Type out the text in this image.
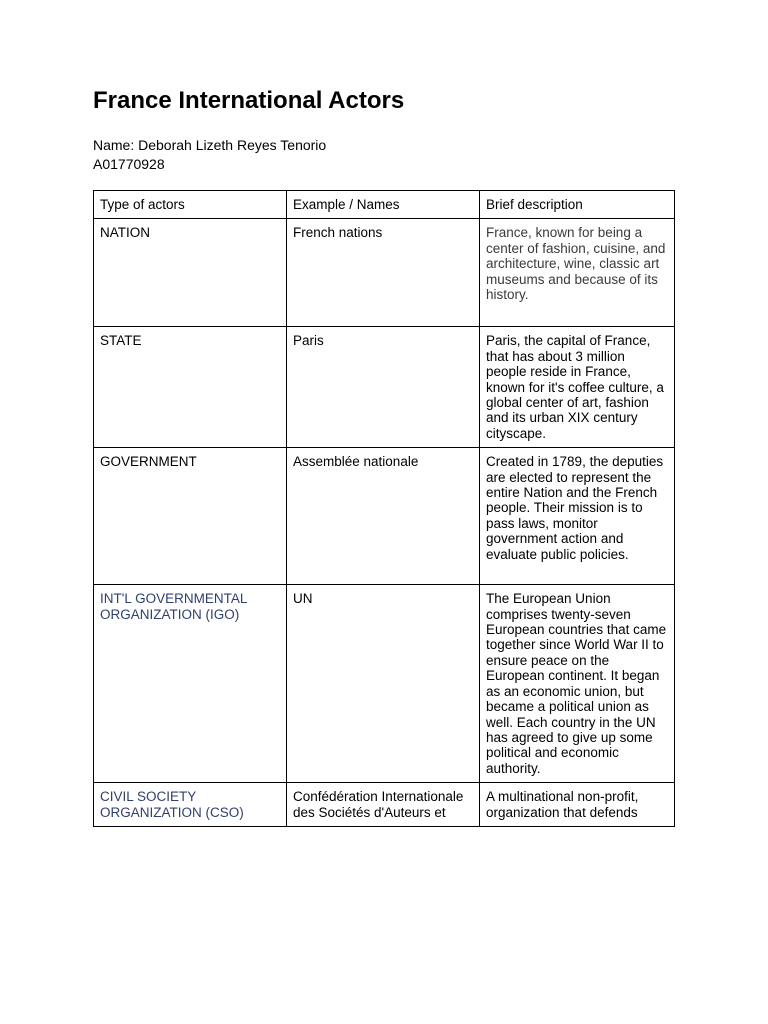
France International Actors
Name: Deborah Lizeth Reyes Tenorio
A01770928
Type of actors	Example / Names	Brief description
NATION	French nations	France, known for being a center of fashion, cuisine, and architecture, wine, classic art museums and because of its history.
STATE	Paris	Paris, the capital of France, that has about 3 million people reside in France, known for it's coffee culture, a global center of art, fashion and its urban XIX century cityscape.
GOVERNMENT	Assemblée nationale	Created in 1789, the deputies are elected to represent the entire Nation and the French people. Their mission is to pass laws, monitor government action and evaluate public policies.
INT'L GOVERNMENTAL ORGANIZATION (IGO)	UN	The European Union comprises twenty-seven European countries that came together since World War II to ensure peace on the European continent. It began as an economic union, but became a political union as well. Each country in the UN has agreed to give up some political and economic authority.
CIVIL SOCIETY ORGANIZATION (CSO)	Confédération Internationale des Sociétés d'Auteurs et	A multinational non-profit, organization that defends
